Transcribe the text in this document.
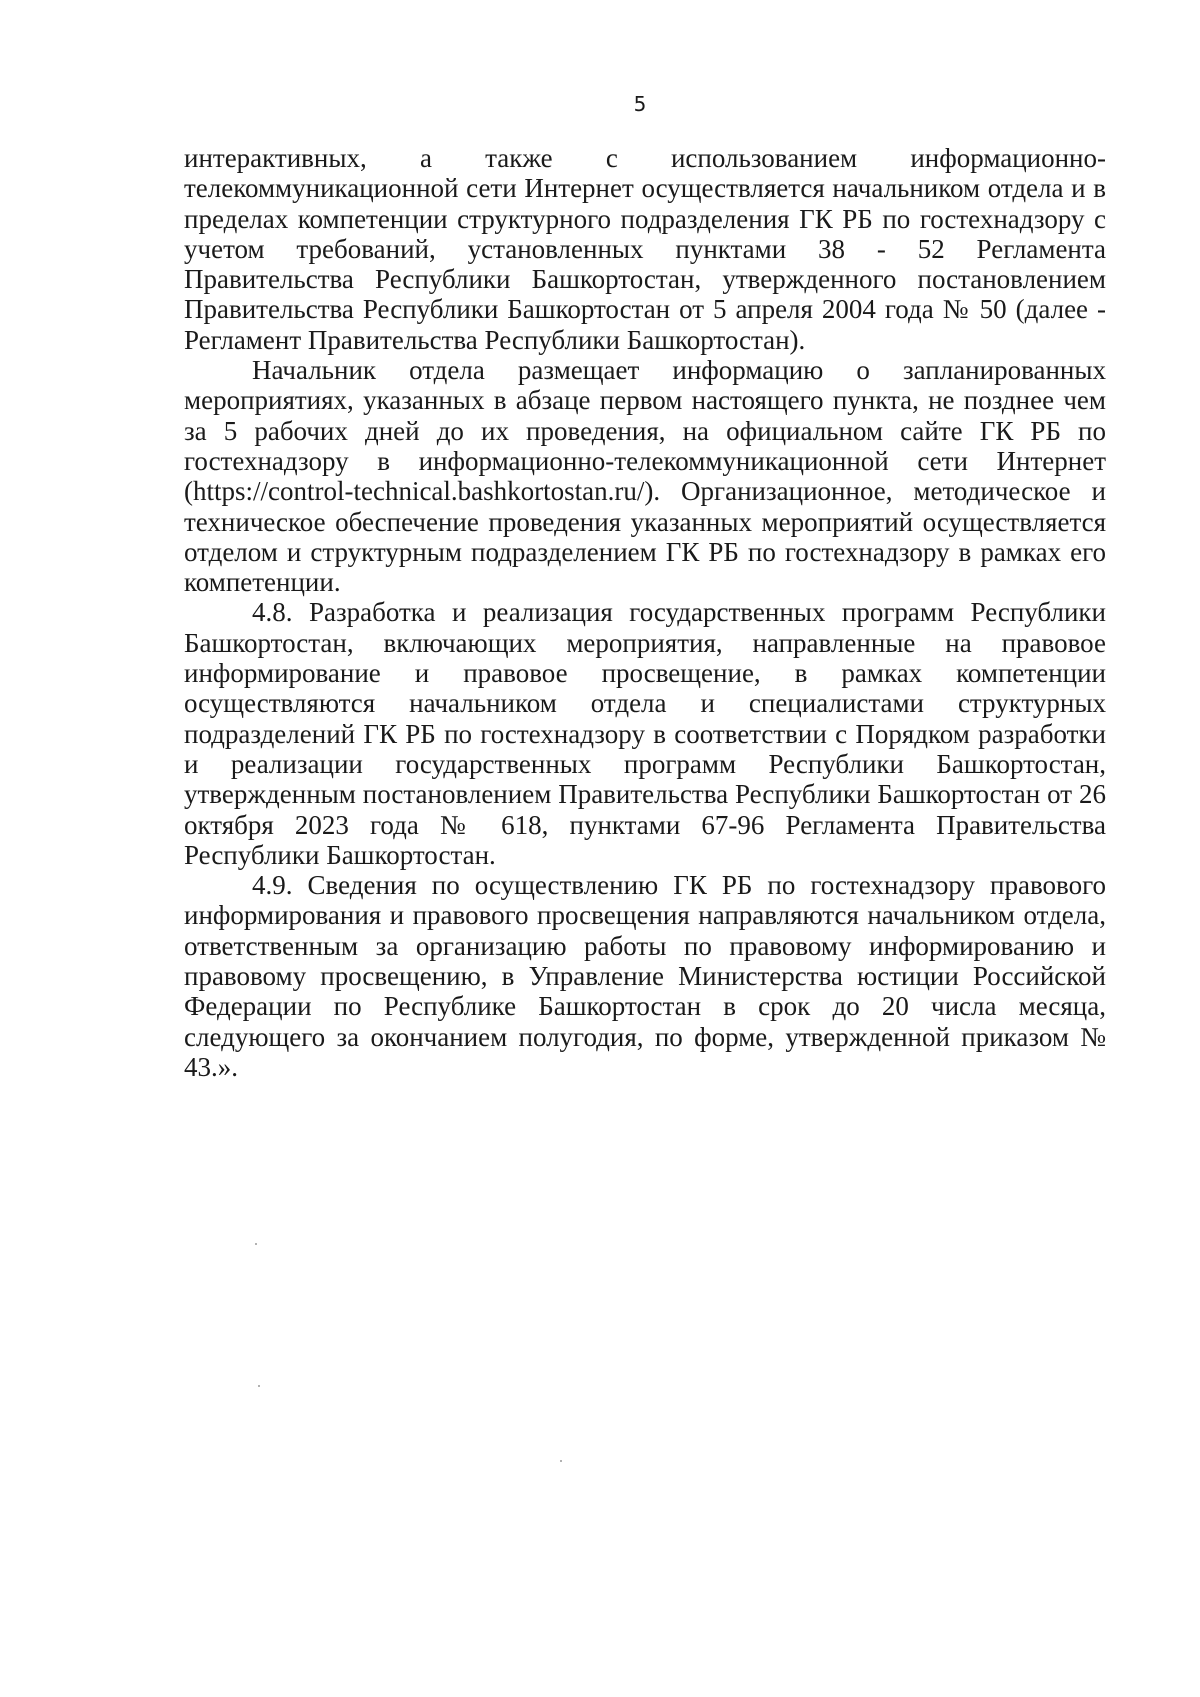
5

интерактивных, а также с использованием информационно-телекоммуникационной сети Интернет осуществляется начальником отдела и в пределах компетенции структурного подразделения ГК РБ по гостехнадзору с учетом требований, установленных пунктами 38 - 52 Регламента Правительства Республики Башкортостан, утвержденного постановлением Правительства Республики Башкортостан от 5 апреля 2004 года № 50 (далее - Регламент Правительства Республики Башкортостан).

Начальник отдела размещает информацию о запланированных мероприятиях, указанных в абзаце первом настоящего пункта, не позднее чем за 5 рабочих дней до их проведения, на официальном сайте ГК РБ по гостехнадзору в информационно-телекоммуникационной сети Интернет (https://control-technical.bashkortostan.ru/). Организационное, методическое и техническое обеспечение проведения указанных мероприятий осуществляется отделом и структурным подразделением ГК РБ по гостехнадзору в рамках его компетенции.

4.8. Разработка и реализация государственных программ Республики Башкортостан, включающих мероприятия, направленные на правовое информирование и правовое просвещение, в рамках компетенции осуществляются начальником отдела и специалистами структурных подразделений ГК РБ по гостехнадзору в соответствии с Порядком разработки и реализации государственных программ Республики Башкортостан, утвержденным постановлением Правительства Республики Башкортостан от 26 октября 2023 года № 618, пунктами 67-96 Регламента Правительства Республики Башкортостан.

4.9. Сведения по осуществлению ГК РБ по гостехнадзору правового информирования и правового просвещения направляются начальником отдела, ответственным за организацию работы по правовому информированию и правовому просвещению, в Управление Министерства юстиции Российской Федерации по Республике Башкортостан в срок до 20 числа месяца, следующего за окончанием полугодия, по форме, утвержденной приказом № 43.».
